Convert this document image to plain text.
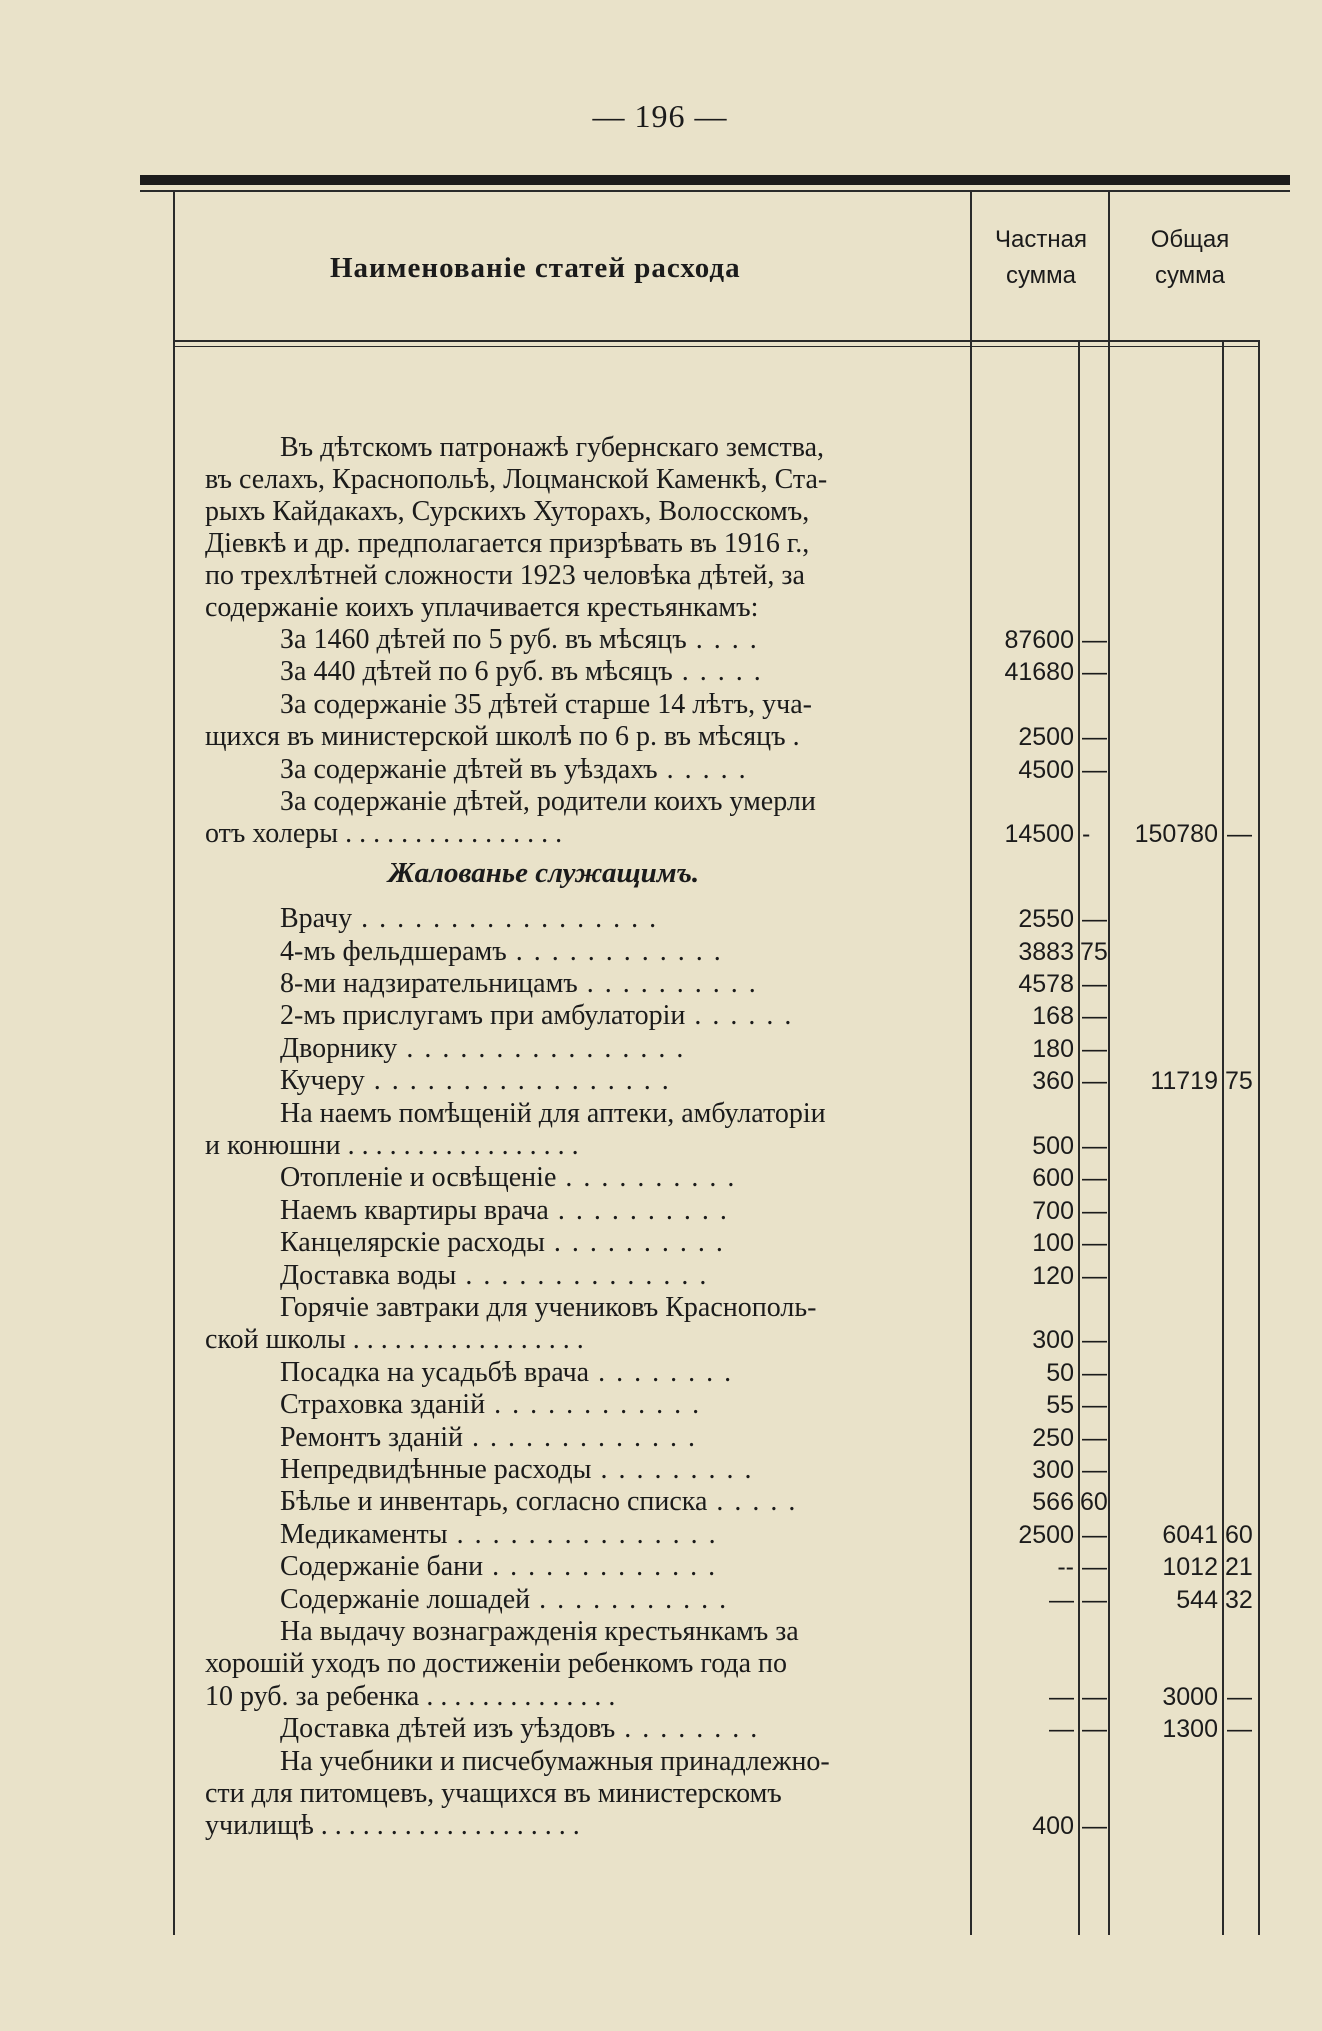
— 196 —
Наименованіе статей расхода
Частная сумма
Общая сумма
Въ дѣтскомъ патронажѣ губернскаго земства,
въ селахъ, Краснопольѣ, Лоцманской Каменкѣ, Ста-
рыхъ Кайдакахъ, Сурскихъ Хуторахъ, Волосскомъ,
Діевкѣ и др. предполагается призрѣвать въ 1916 г.,
по трехлѣтней сложности 1923 человѣка дѣтей, за
содержаніе коихъ уплачивается крестьянкамъ:
За 1460 дѣтей по 5 руб. въ мѣсяцъ . . . .	87600 —
За 440 дѣтей по 6 руб. въ мѣсяцъ . . . . .	41680 —
За содержаніе 35 дѣтей старше 14 лѣтъ, уча-
щихся въ министерской школѣ по 6 р. въ мѣсяцъ .	2500 —
За содержаніе дѣтей въ уѣздахъ . . . . .	4500 —
За содержаніе дѣтей, родители коихъ умерли
отъ холеры . . . . . . . . . . . . . . . .	14500 -	150780 —
Жалованье служащимъ.
Врачу . . . . . . . . . . . . . . . . .	2550 —
4-мъ фельдшерамъ . . . . . . . . . . . .	3883 75
8-ми надзирательницамъ . . . . . . . . . .	4578 —
2-мъ прислугамъ при амбулаторіи . . . . . .	168 —
Дворнику . . . . . . . . . . . . . . . .	180 —
Кучеру . . . . . . . . . . . . . . . . .	360 —	11719 75
На наемъ помѣщеній для аптеки, амбулаторіи
и конюшни . . . . . . . . . . . . . . . . .	500 —
Отопленіе и освѣщеніе . . . . . . . . . .	600 —
Наемъ квартиры врача . . . . . . . . . .	700 —
Канцелярскіе расходы . . . . . . . . . .	100 —
Доставка воды . . . . . . . . . . . . . .	120 —
Горячіе завтраки для учениковъ Краснополь-
ской школы . . . . . . . . . . . . . . . . .	300 —
Посадка на усадьбѣ врача . . . . . . . .	50 —
Страховка зданій . . . . . . . . . . . .	55 —
Ремонтъ зданій . . . . . . . . . . . . .	250 —
Непредвидѣнные расходы . . . . . . . . .	300 —
Бѣлье и инвентарь, согласно списка . . . . .	566 60
Медикаменты . . . . . . . . . . . . . . .	2500 —	6041 60
Содержаніе бани . . . . . . . . . . . . .	-- —	1012 21
Содержаніе лошадей . . . . . . . . . . .	— —	544 32
На выдачу вознагражденія крестьянкамъ за
хорошій уходъ по достиженіи ребенкомъ года по
10 руб. за ребенка . . . . . . . . . . . . . .	— —	3000 —
Доставка дѣтей изъ уѣздовъ . . . . . . . .	— —	1300 —
На учебники и писчебумажныя принадлежно-
сти для питомцевъ, учащихся въ министерскомъ
училищѣ . . . . . . . . . . . . . . . . . . .	400 —
